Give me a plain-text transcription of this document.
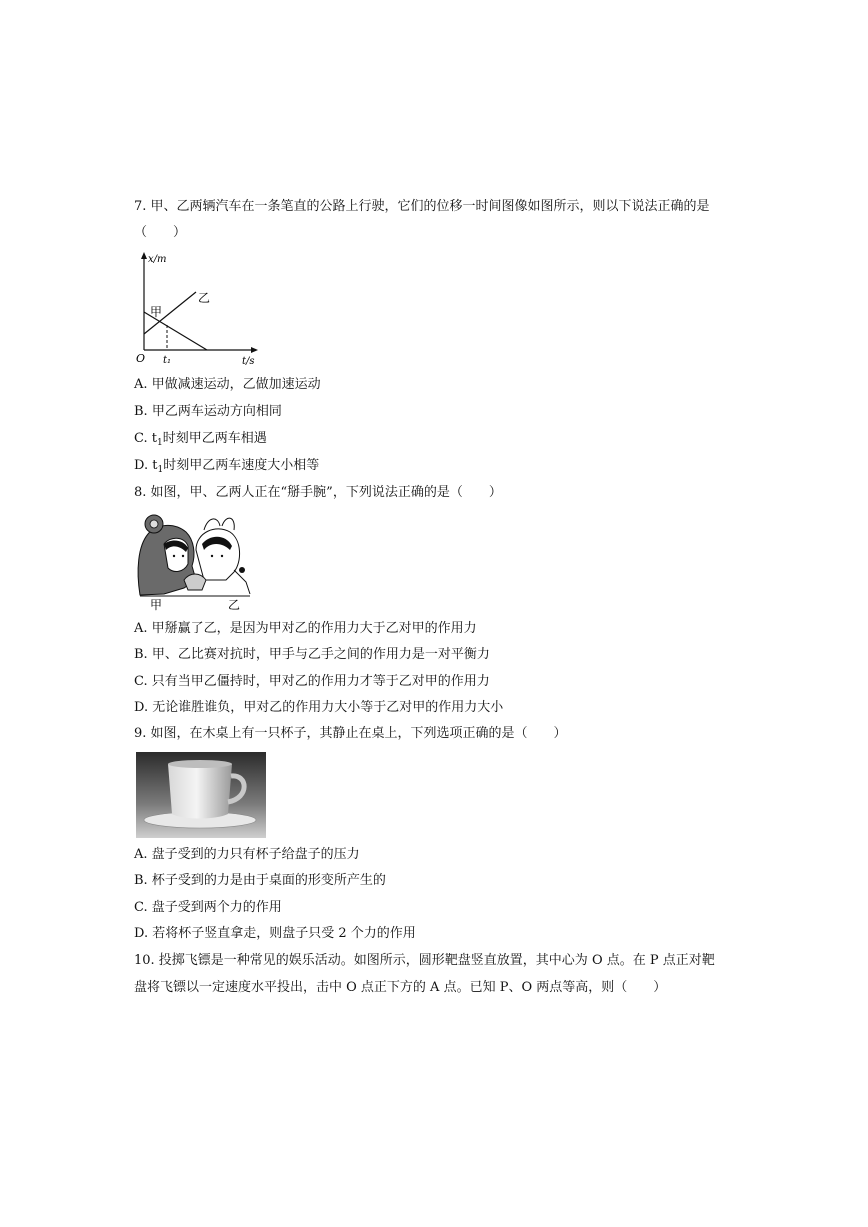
7. 甲、乙两辆汽车在一条笔直的公路上行驶，它们的位移一时间图像如图所示，则以下说法正确的是
（　　）
x/m
t/s
O t₁
甲
乙
A. 甲做减速运动，乙做加速运动
B. 甲乙两车运动方向相同
C. $t_1$时刻甲乙两车相遇
D. $t_1$时刻甲乙两车速度大小相等
8. 如图，甲、乙两人正在“掰手腕”，下列说法正确的是（　　）
甲	乙
A. 甲掰赢了乙，是因为甲对乙的作用力大于乙对甲的作用力
B. 甲、乙比赛对抗时，甲手与乙手之间的作用力是一对平衡力
C. 只有当甲乙僵持时，甲对乙的作用力才等于乙对甲的作用力
D. 无论谁胜谁负，甲对乙的作用力大小等于乙对甲的作用力大小
9. 如图，在木桌上有一只杯子，其静止在桌上，下列选项正确的是（　　）
A. 盘子受到的力只有杯子给盘子的压力
B. 杯子受到的力是由于桌面的形变所产生的
C. 盘子受到两个力的作用
D. 若将杯子竖直拿走，则盘子只受 2 个力的作用
10. 投掷飞镖是一种常见的娱乐活动。如图所示，圆形靶盘竖直放置，其中心为 O 点。在 P 点正对靶
盘将飞镖以一定速度水平投出，击中 O 点正下方的 A 点。已知 P、O 两点等高，则（　　）
